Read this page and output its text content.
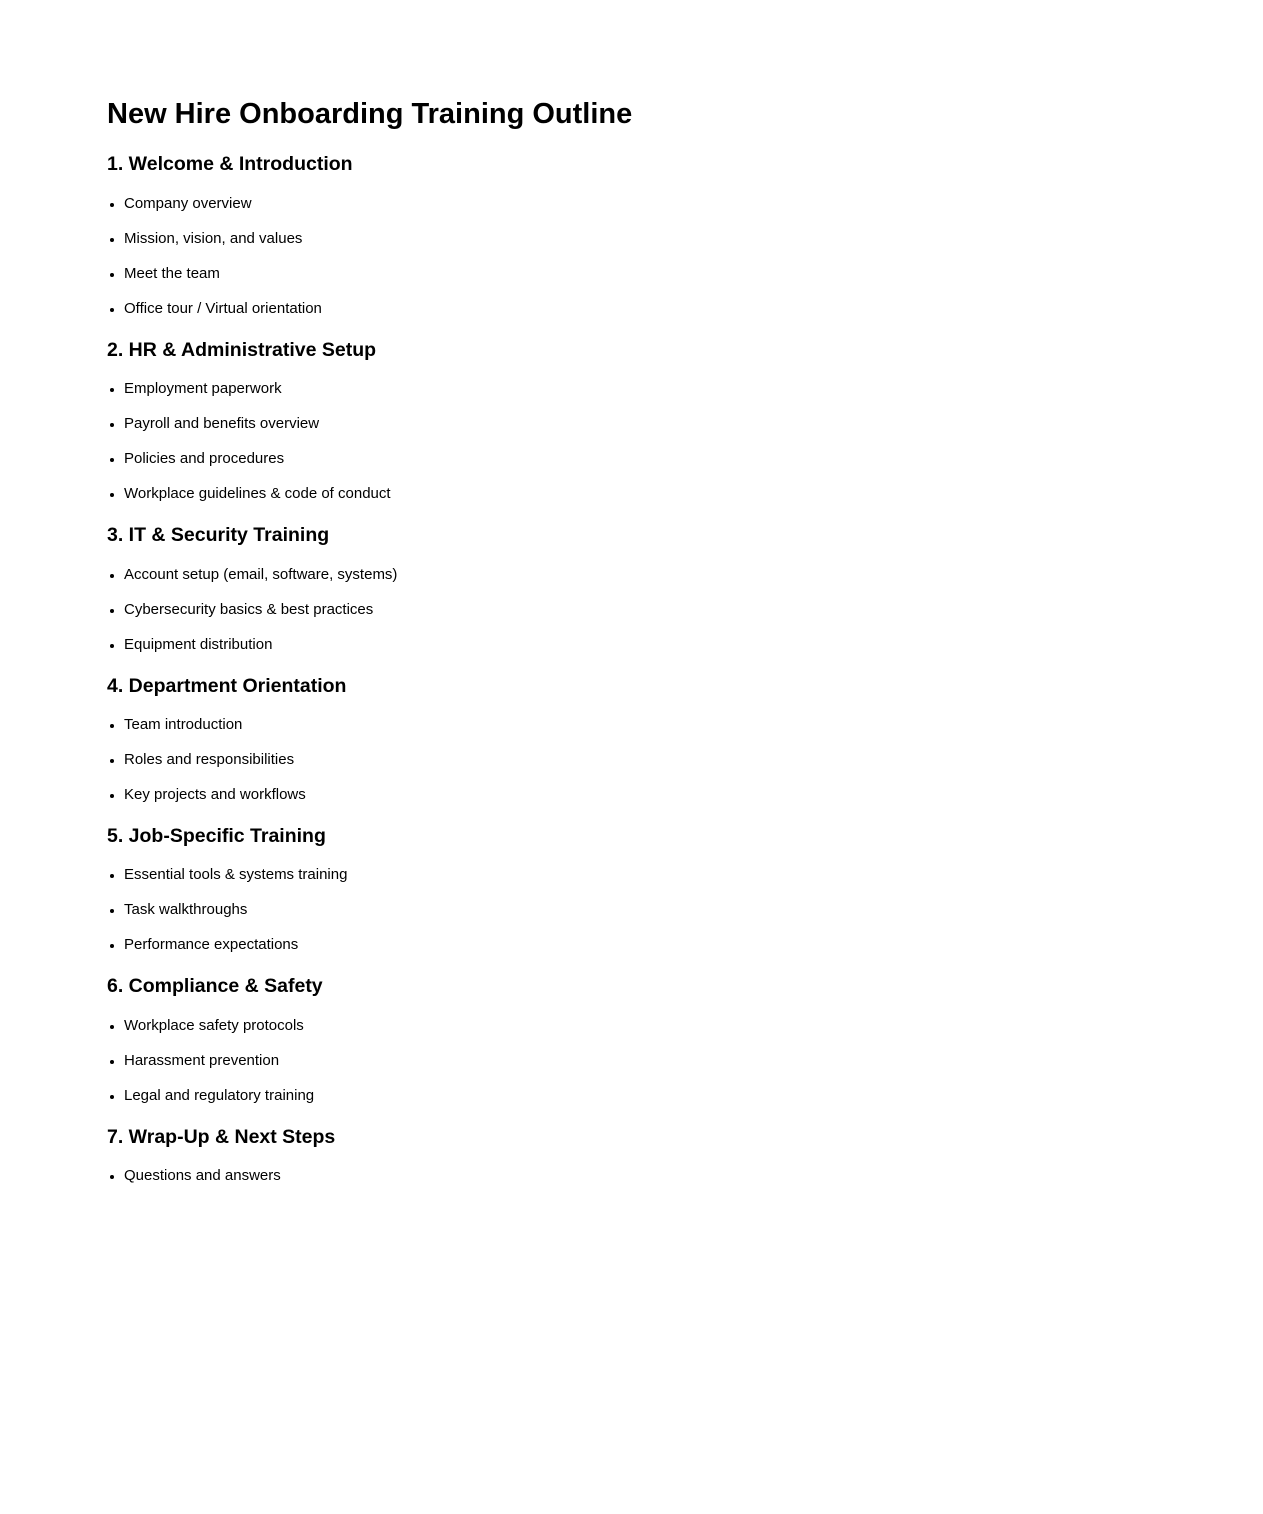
New Hire Onboarding Training Outline
1. Welcome & Introduction
• Company overview
• Mission, vision, and values
• Meet the team
• Office tour / Virtual orientation
2. HR & Administrative Setup
• Employment paperwork
• Payroll and benefits overview
• Policies and procedures
• Workplace guidelines & code of conduct
3. IT & Security Training
• Account setup (email, software, systems)
• Cybersecurity basics & best practices
• Equipment distribution
4. Department Orientation
• Team introduction
• Roles and responsibilities
• Key projects and workflows
5. Job-Specific Training
• Essential tools & systems training
• Task walkthroughs
• Performance expectations
6. Compliance & Safety
• Workplace safety protocols
• Harassment prevention
• Legal and regulatory training
7. Wrap-Up & Next Steps
• Questions and answers
